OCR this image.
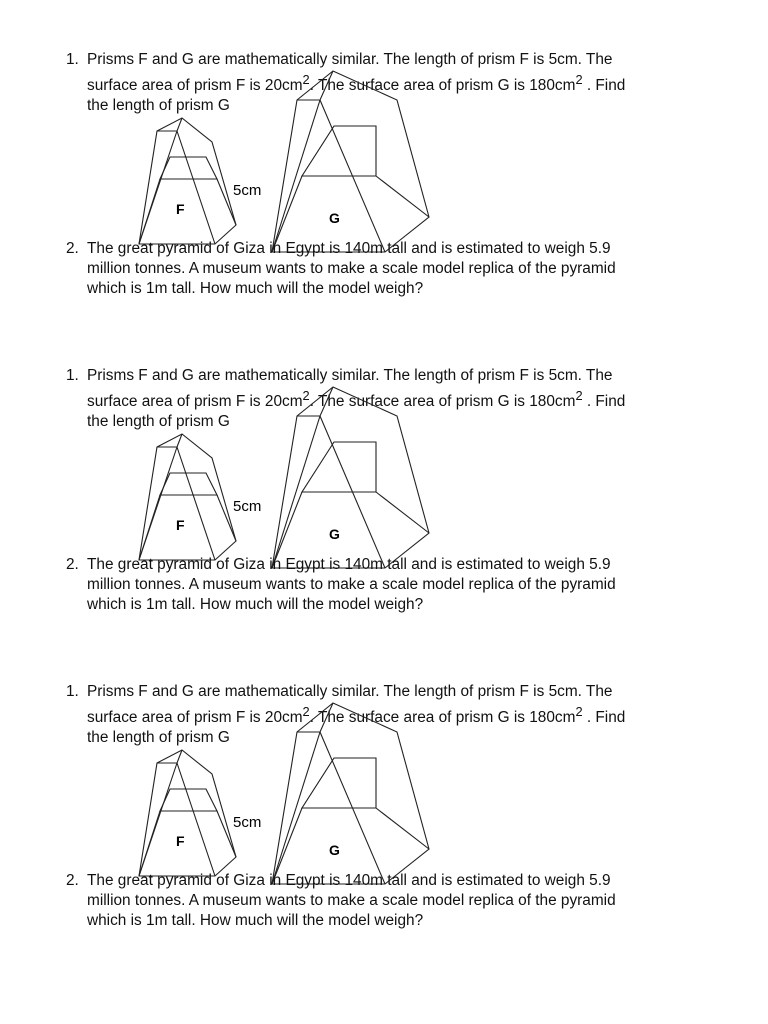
1. Prisms F and G are mathematically similar. The length of prism F is 5cm. The
surface area of prism F is $20cm^2$. The surface area of prism G is $180cm^2$ . Find
the length of prism G
F
5cm
G
2. The great pyramid of Giza in Egypt is 140m tall and is estimated to weigh 5.9
million tonnes. A museum wants to make a scale model replica of the pyramid
which is 1m tall. How much will the model weigh?
1. Prisms F and G are mathematically similar. The length of prism F is 5cm. The
surface area of prism F is $20cm^2$. The surface area of prism G is $180cm^2$ . Find
the length of prism G
F
5cm
G
2. The great pyramid of Giza in Egypt is 140m tall and is estimated to weigh 5.9
million tonnes. A museum wants to make a scale model replica of the pyramid
which is 1m tall. How much will the model weigh?
1. Prisms F and G are mathematically similar. The length of prism F is 5cm. The
surface area of prism F is $20cm^2$. The surface area of prism G is $180cm^2$ . Find
the length of prism G
F
5cm
G
2. The great pyramid of Giza in Egypt is 140m tall and is estimated to weigh 5.9
million tonnes. A museum wants to make a scale model replica of the pyramid
which is 1m tall. How much will the model weigh?
